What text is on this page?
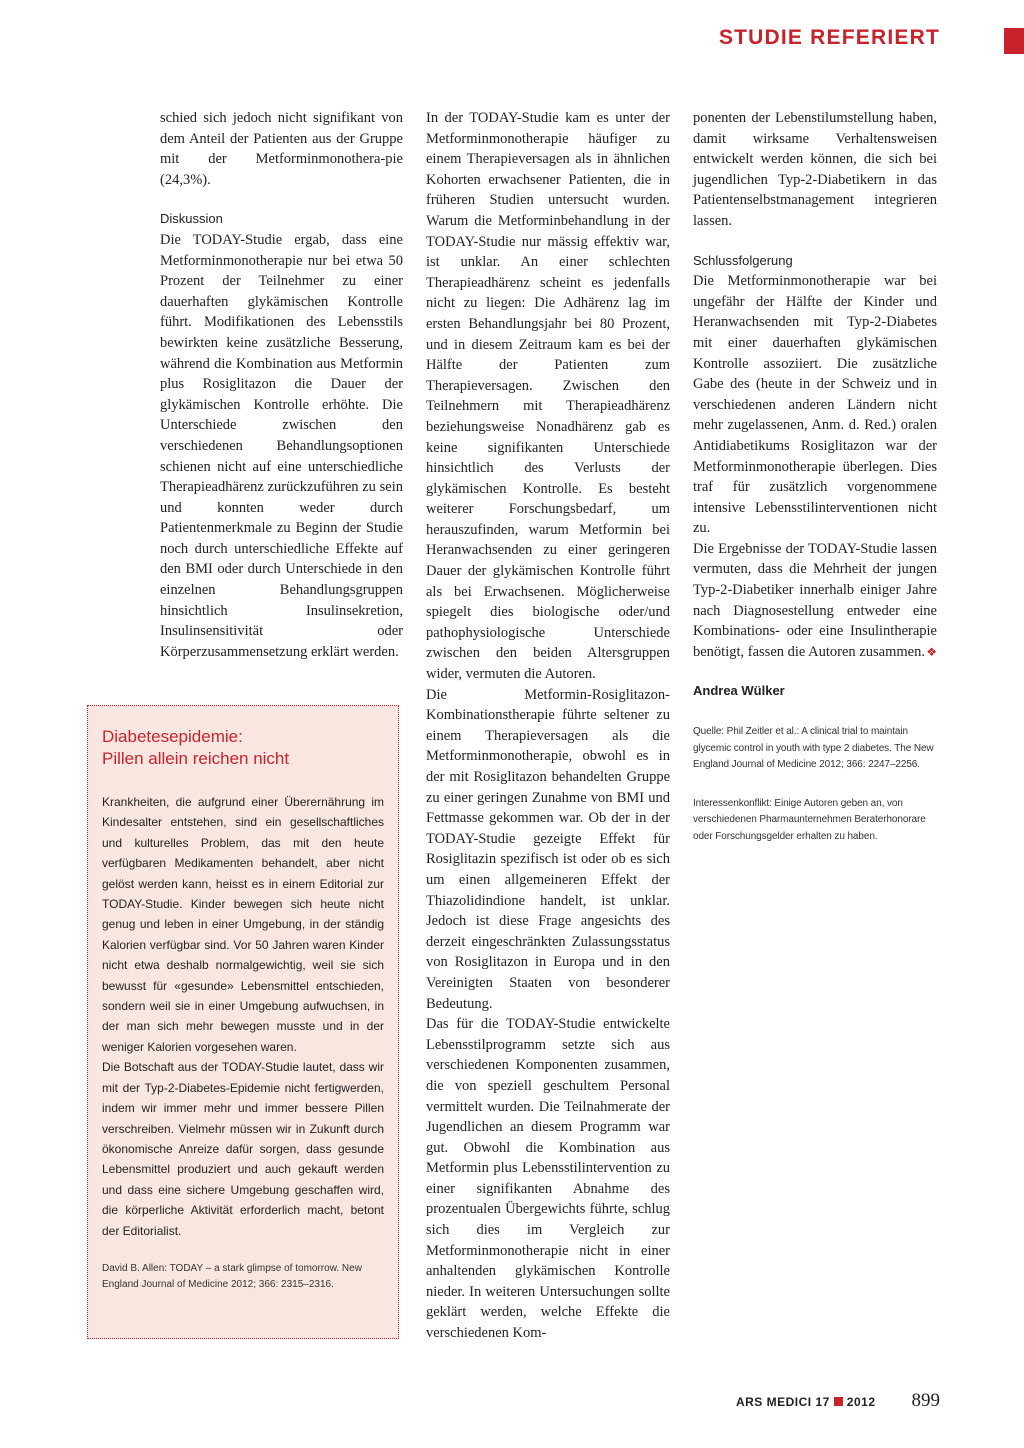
STUDIE REFERIERT

schied sich jedoch nicht signifikant von dem Anteil der Patienten aus der Gruppe mit der Metforminmonothera-pie (24,3%).

Diskussion

Die TODAY-Studie ergab, dass eine Metforminmonotherapie nur bei etwa 50 Prozent der Teilnehmer zu einer dauerhaften glykämischen Kontrolle führt. Modifikationen des Lebensstils bewirkten keine zusätzliche Besserung, während die Kombination aus Metformin plus Rosiglitazon die Dauer der glykämischen Kontrolle erhöhte. Die Unterschiede zwischen den verschiedenen Behandlungsoptionen schienen nicht auf eine unterschiedliche Therapieadhärenz zurückzuführen zu sein und konnten weder durch Patientenmerkmale zu Beginn der Studie noch durch unterschiedliche Effekte auf den BMI oder durch Unterschiede in den einzelnen Behandlungsgruppen hinsichtlich Insulinsekretion, Insulinsensitivität oder Körperzusammensetzung erklärt werden.

Diabetesepidemie:
Pillen allein reichen nicht

Krankheiten, die aufgrund einer Überernährung im Kindesalter entstehen, sind ein gesellschaftliches und kulturelles Problem, das mit den heute verfügbaren Medikamenten behandelt, aber nicht gelöst werden kann, heisst es in einem Editorial zur TODAY-Studie. Kinder bewegen sich heute nicht genug und leben in einer Umgebung, in der ständig Kalorien verfügbar sind. Vor 50 Jahren waren Kinder nicht etwa deshalb normalgewichtig, weil sie sich bewusst für «gesunde» Lebensmittel entschieden, sondern weil sie in einer Umgebung aufwuchsen, in der man sich mehr bewegen musste und in der weniger Kalorien vorgesehen waren.

Die Botschaft aus der TODAY-Studie lautet, dass wir mit der Typ-2-Diabetes-Epidemie nicht fertigwerden, indem wir immer mehr und immer bessere Pillen verschreiben. Vielmehr müssen wir in Zukunft durch ökonomische Anreize dafür sorgen, dass gesunde Lebensmittel produziert und auch gekauft werden und dass eine sichere Umgebung geschaffen wird, die körperliche Aktivität erforderlich macht, betont der Editorialist.

David B. Allen: TODAY – a stark glimpse of tomorrow. New England Journal of Medicine 2012; 366: 2315–2316.

In der TODAY-Studie kam es unter der Metforminmonotherapie häufiger zu einem Therapieversagen als in ähnlichen Kohorten erwachsener Patienten, die in früheren Studien untersucht wurden. Warum die Metforminbehandlung in der TODAY-Studie nur mässig effektiv war, ist unklar. An einer schlechten Therapieadhärenz scheint es jedenfalls nicht zu liegen: Die Adhärenz lag im ersten Behandlungsjahr bei 80 Prozent, und in diesem Zeitraum kam es bei der Hälfte der Patienten zum Therapieversagen. Zwischen den Teilnehmern mit Therapieadhärenz beziehungsweise Nonadhärenz gab es keine signifikanten Unterschiede hinsichtlich des Verlusts der glykämischen Kontrolle. Es besteht weiterer Forschungsbedarf, um herauszufinden, warum Metformin bei Heranwachsenden zu einer geringeren Dauer der glykämischen Kontrolle führt als bei Erwachsenen. Möglicherweise spiegelt dies biologische oder/und pathophysiologische Unterschiede zwischen den beiden Altersgruppen wider, vermuten die Autoren.

Die Metformin-Rosiglitazon-Kombinationstherapie führte seltener zu einem Therapieversagen als die Metforminmonotherapie, obwohl es in der mit Rosiglitazon behandelten Gruppe zu einer geringen Zunahme von BMI und Fettmasse gekommen war. Ob der in der TODAY-Studie gezeigte Effekt für Rosiglitazin spezifisch ist oder ob es sich um einen allgemeineren Effekt der Thiazolidindione handelt, ist unklar. Jedoch ist diese Frage angesichts des derzeit eingeschränkten Zulassungsstatus von Rosiglitazon in Europa und in den Vereinigten Staaten von besonderer Bedeutung.

Das für die TODAY-Studie entwickelte Lebensstilprogramm setzte sich aus verschiedenen Komponenten zusammen, die von speziell geschultem Personal vermittelt wurden. Die Teilnahmerate der Jugendlichen an diesem Programm war gut. Obwohl die Kombination aus Metformin plus Lebensstilintervention zu einer signifikanten Abnahme des prozentualen Übergewichts führte, schlug sich dies im Vergleich zur Metforminmonotherapie nicht in einer anhaltenden glykämischen Kontrolle nieder. In weiteren Untersuchungen sollte geklärt werden, welche Effekte die verschiedenen Kom-

ponenten der Lebenstilumstellung haben, damit wirksame Verhaltensweisen entwickelt werden können, die sich bei jugendlichen Typ-2-Diabetikern in das Patientenselbstmanagement integrieren lassen.

Schlussfolgerung

Die Metforminmonotherapie war bei ungefähr der Hälfte der Kinder und Heranwachsenden mit Typ-2-Diabetes mit einer dauerhaften glykämischen Kontrolle assoziiert. Die zusätzliche Gabe des (heute in der Schweiz und in verschiedenen anderen Ländern nicht mehr zugelassenen, Anm. d. Red.) oralen Antidiabetikums Rosiglitazon war der Metforminmonotherapie überlegen. Dies traf für zusätzlich vorgenommene intensive Lebensstilinterventionen nicht zu.

Die Ergebnisse der TODAY-Studie lassen vermuten, dass die Mehrheit der jungen Typ-2-Diabetiker innerhalb einiger Jahre nach Diagnosestellung entweder eine Kombinations- oder eine Insulintherapie benötigt, fassen die Autoren zusammen. ❖

Andrea Wülker
Quelle: Phil Zeitler et al.: A clinical trial to maintain glycemic control in youth with type 2 diabetes. The New England Journal of Medicine 2012; 366: 2247–2256.
Interessenkonflikt: Einige Autoren geben an, von verschiedenen Pharmaunternehmen Beraterhonorare oder Forschungsgelder erhalten zu haben.
ARS MEDICI 17 2012 899
